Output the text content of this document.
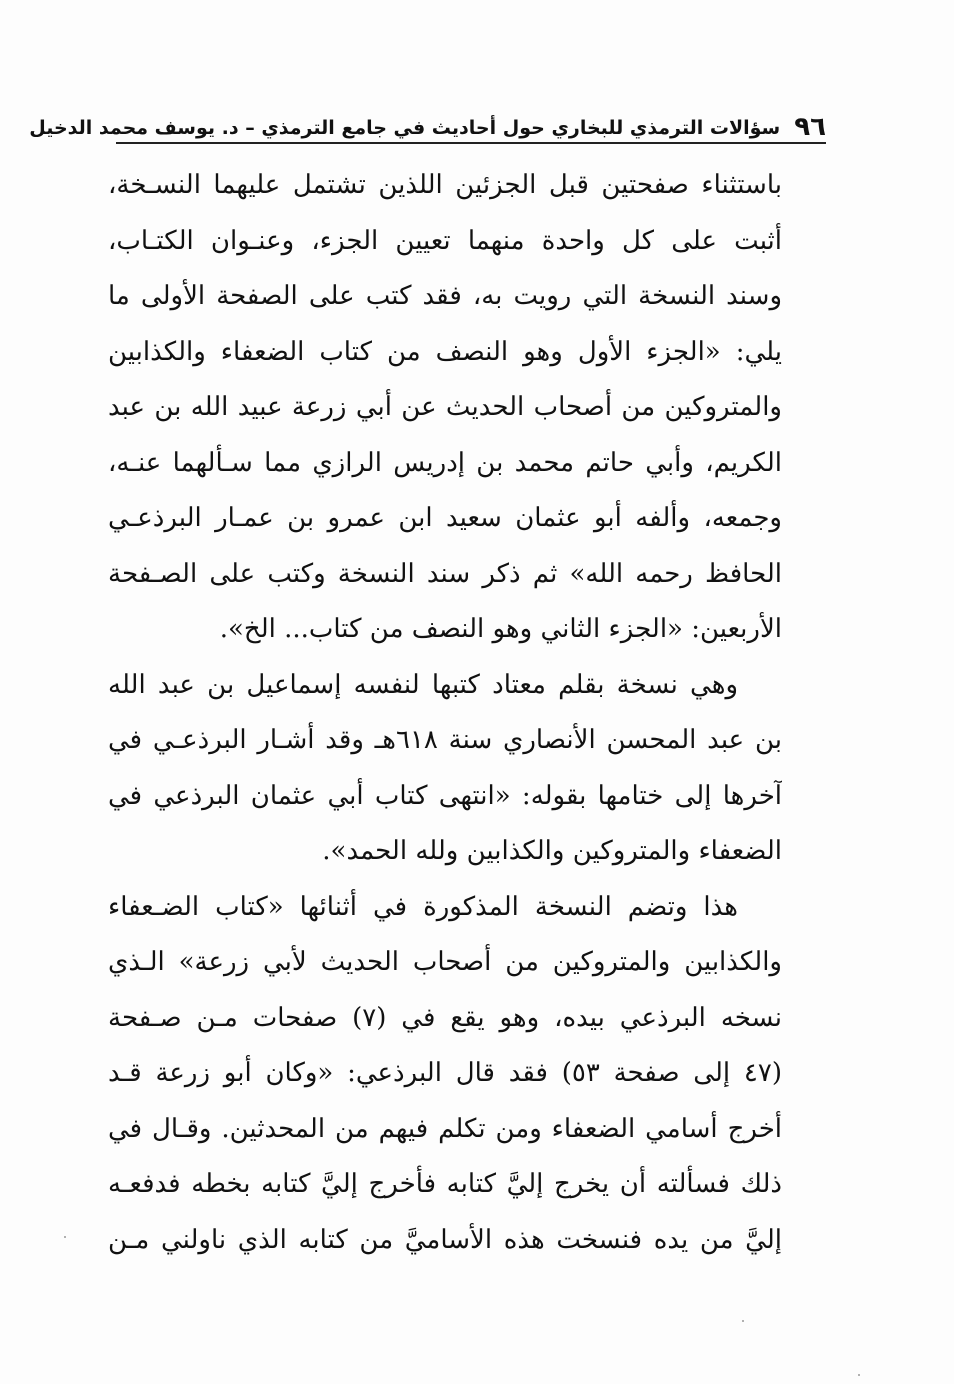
٩٦
سؤالات الترمذي للبخاري حول أحاديث في جامع الترمذي – د. يوسف محمد الدخيل
باستثناء صفحتين قبل الجزئين اللذين تشتمل عليهما النسـخة،
أثبت على كل واحدة منهما تعيين الجزء، وعنـوان الكتـاب،
وسند النسخة التي رويت به، فقد كتب على الصفحة الأولى ما
يلي: «الجزء الأول وهو النصف من كتاب الضعفاء والكذابين
والمتروكين من أصحاب الحديث عن أبي زرعة عبيد الله بن عبد
الكريم، وأبي حاتم محمد بن إدريس الرازي مما سـألهما عنـه،
وجمعه، وألفه أبو عثمان سعيد ابن عمرو بن عمـار البرذعـي
الحافظ رحمه الله» ثم ذكر سند النسخة وكتب على الصـفحة
الأربعين: «الجزء الثاني وهو النصف من كتاب... الخ».
وهي نسخة بقلم معتاد كتبها لنفسه إسماعيل بن عبد الله
بن عبد المحسن الأنصاري سنة ٦١٨هـ وقد أشـار البرذعـي في
آخرها إلى ختامها بقوله: «انتهى كتاب أبي عثمان البرذعي في
الضعفاء والمتروكين والكذابين ولله الحمد».
هذا وتضم النسخة المذكورة في أثنائها «كتاب الضـعفاء
والكذابين والمتروكين من أصحاب الحديث لأبي زرعة» الـذي
نسخه البرذعي بيده، وهو يقع في (٧) صفحات مـن صـفحة
(٤٧ إلى صفحة ٥٣) فقد قال البرذعي: «وكان أبو زرعة قـد
أخرج أسامي الضعفاء ومن تكلم فيهم من المحدثين. وقـال في
ذلك فسألته أن يخرج إليَّ كتابه فأخرج إليَّ كتابه بخطه فدفعـه
إليَّ من يده فنسخت هذه الأساميَّ من كتابه الذي ناولني مـن
